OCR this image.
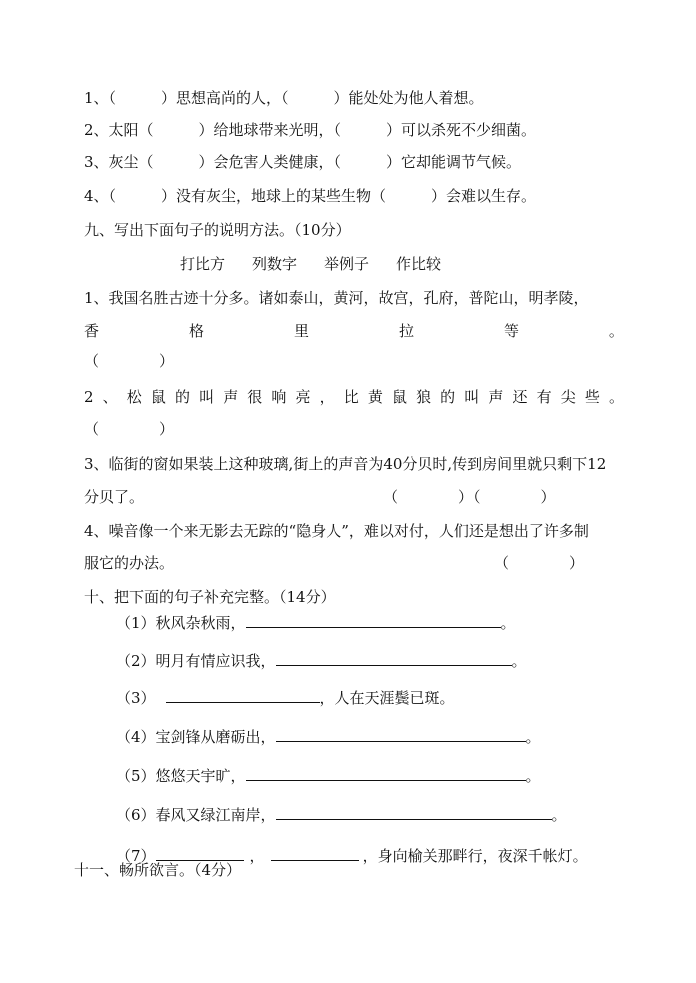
1、（　　　）思想高尚的人，（　　　）能处处为他人着想。
2、太阳（　　　）给地球带来光明，（　　　）可以杀死不少细菌。
3、灰尘（　　　）会危害人类健康，（　　　）它却能调节气候。
4、（　　　）没有灰尘，地球上的某些生物（　　　）会难以生存。
九、写出下面句子的说明方法。（10分）
打比方 列数字 举例子 作比较
1、我国名胜古迹十分多。诸如泰山，黄河，故宫，孔府，普陀山，明孝陵，
香	格	里	拉	等	。
（　　　　）
2 、 松 鼠 的 叫 声 很 响 亮 ， 比 黄 鼠 狼 的 叫 声 还 有 尖 些 。
（　　　　）
3、临街的窗如果装上这种玻璃,街上的声音为40分贝时,传到房间里就只剩下12
分贝了。	（　　　　）（　　　　）
4、噪音像一个来无影去无踪的“隐身人”，难以对付，人们还是想出了许多制
服它的办法。	（　　　　）
十、把下面的句子补充完整。（14分）
（1）秋风杂秋雨，	。
（2）明月有情应识我，	。
（3）	，人在天涯鬓已斑。
（4）宝剑锋从磨砺出，	。
（5）悠悠天宇旷，	。
（6）春风又绿江南岸，	。
（7）	，	，身向榆关那畔行，夜深千帐灯。
十一、畅所欲言。（4分）
